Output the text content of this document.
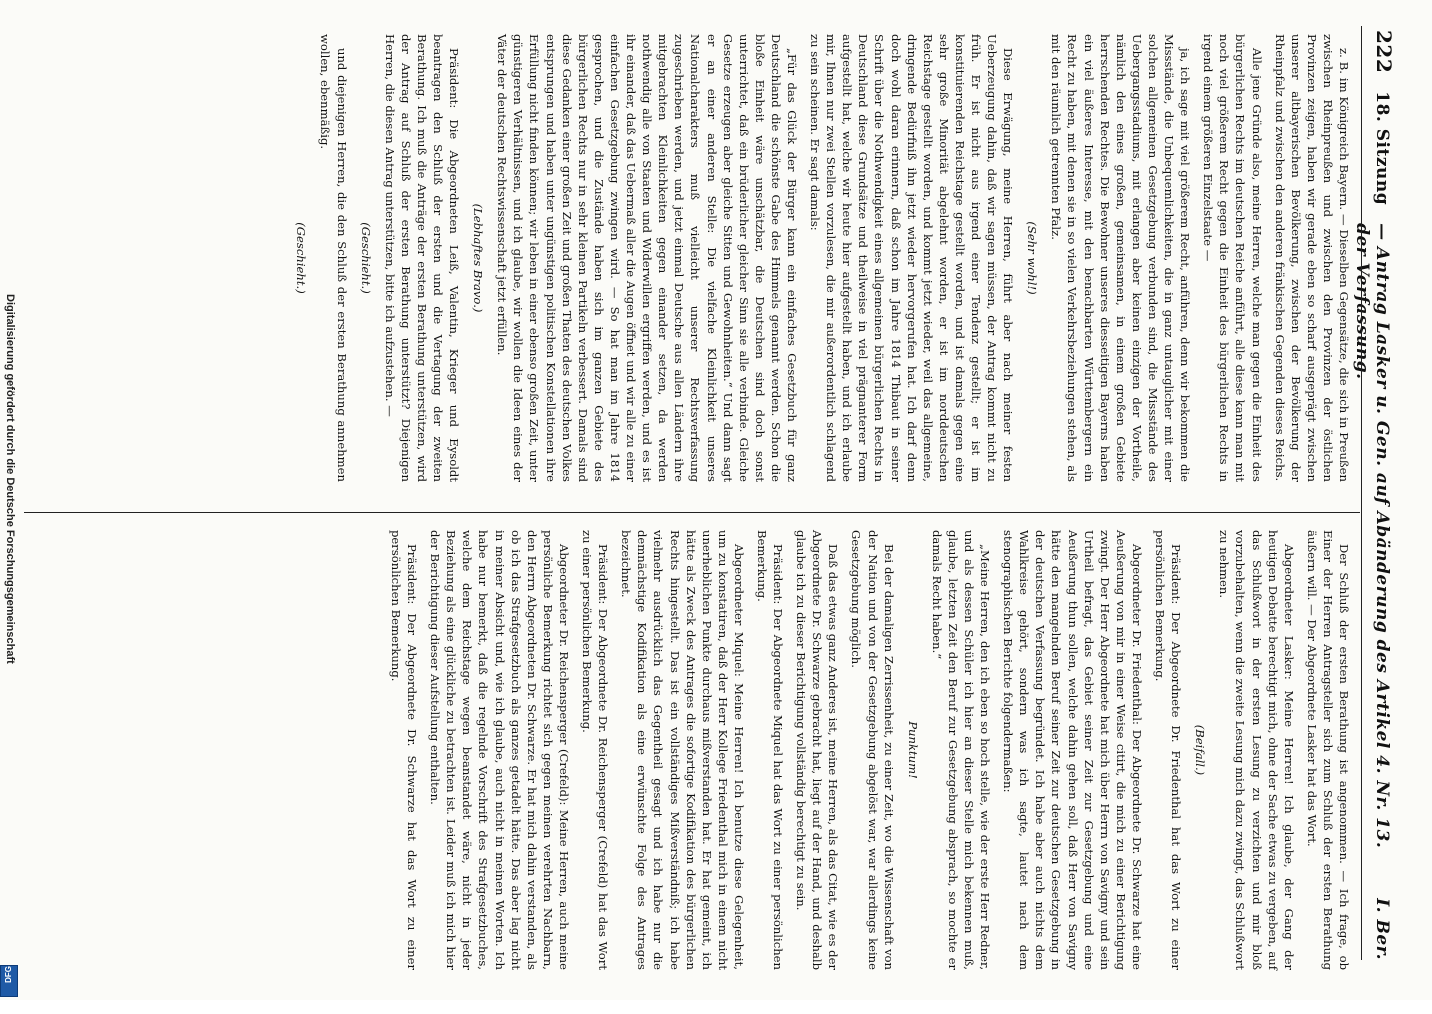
222
18. Sitzung
— Antrag Lasker u. Gen. auf Abänderung des Artikel 4. Nr. 13. der Verfassung.
I. Ber.

z. B. im Königreich Bayern. — Dieselben Gegensätze, die sich in Preußen zwischen Rheinpreußen und zwischen den Provinzen der östlichen Provinzen zeigen, haben wir gerade eben so scharf ausgeprägt zwischen unserer altbayerischen Bevölkerung, zwischen der Bevölkerung der Rheinpfalz und zwischen den anderen fränkischen Gegenden dieses Reichs.

Alle jene Gründe also, meine Herren, welche man gegen die Einheit des bürgerlichen Rechts im deutschen Reiche anführt, alle diese kann man mit noch viel größerem Recht gegen die Einheit des bürgerlichen Rechts in irgend einem größeren Einzelstaate —

ja, ich sage mit viel größerem Recht, anführen, denn wir bekommen die Missstände, die Unbequemlichkeiten, die in ganz untauglicher mit einer solchen allgemeinen Gesetzgebung verbunden sind, die Missstände des Uebergangsstadiums, mit erlangen aber keinen einzigen der Vortheile, nämlich den eines großen, gemeinsamen, in einem großen Gebiete herrschenden Rechtes. Die Bewohner unseres diesseitigen Bayerns haben ein viel äußeres Interesse, mit den benachbarten Württembergern ein Recht zu haben, mit denen sie in so vielen Verkehrsbeziehungen stehen, als mit den räumlich getrennten Pfalz.

(Sehr wohl!)

Diese Erwägung, meine Herren, führt aber nach meiner festen Ueberzeugung dahin, daß wir sagen müssen, der Antrag kommt nicht zu früh. Er ist nicht aus irgend einer Tendenz gestellt; er ist im konstituierenden Reichstage gestellt worden, und ist damals gegen eine sehr große Minorität abgelehnt worden, er ist im norddeutschen Reichstage gestellt worden, und kommt jetzt wieder, weil das allgemeine, dringende Bedürfniß ihn jetzt wieder hervorgerufen hat. Ich darf denn doch wohl daran erinnern, daß schon im Jahre 1814 Thibaut in seiner Schrift über die Nothwendigkeit eines allgemeinen bürgerlichen Rechts in Deutschland diese Grundsätze und theilweise in viel prägnanterer Form aufgestellt hat, welche wir heute hier aufgestellt haben, und ich erlaube mir, Ihnen nur zwei Stellen vorzulesen, die mir außerordentlich schlagend zu sein scheinen. Er sagt damals:

„Für das Glück der Bürger kann ein einfaches Gesetzbuch für ganz Deutschland die schönste Gabe des Himmels genannt werden. Schon die bloße Einheit wäre unschätzbar, die Deutschen sind doch sonst unterrichtet, daß ein brüderlicher gleicher Sinn sie alle verbinde. Gleiche Gesetze erzeugen aber gleiche Sitten und Gewohnheiten.“ Und dann sagt er an einer anderen Stelle: Die vielfache Kleinlichkeit unseres Nationalcharakters muß vielleicht unserer Rechtsverfassung zugeschrieben werden, und jetzt einmal Deutsche aus allen Ländern ihre mitgebrachten Kleinlichkeiten gegen einander setzen, da werden nothwendig alle von Staaten und Widerwillen ergriffen werden, und es ist ihr einander, daß das Uebermaß aller die Augen öffnet und wir alle zu einer einfachen Gesetzgebung zwingen wird. — So hat man im Jahre 1814 gesprochen, und die Zustände haben sich im ganzen Gebiete des bürgerlichen Rechts nur in sehr kleinen Partikeln verbessert. Damals sind diese Gedanken einer großen Zeit und großen Thaten des deutschen Volkes entsprungen und haben unter ungünstigen politischen Konstellationen ihre Erfüllung nicht finden können; wir leben in einer ebenso großen Zeit, unter günstigeren Verhältnissen, und ich glaube, wir wollen die Ideen eines der Väter der deutschen Rechtswissenschaft jetzt erfüllen.

(Lebhaftes Bravo.)

Präsident: Die Abgeordneten Leiß, Valentin, Krieger und Eysoldt beantragen den Schluß der ersten und die Vertagung der zweiten Berathung. Ich muß die Anträge der ersten Berathung unterstützen, wird der Antrag auf Schluß der ersten Berathung unterstützt? Diejenigen Herren, die diesen Antrag unterstützen, bitte ich aufzustehen. —

(Geschieht.)

und diejenigen Herren, die den Schluß der ersten Berathung annehmen wollen, ebenmäßig.

(Geschieht.)

Der Schluß der ersten Berathung ist angenommen. — Ich frage, ob Einer der Herren Antragsteller sich zum Schluß der ersten Berathung äußern will. — Der Abgeordnete Lasker hat das Wort.

Abgeordneter Lasker: Meine Herren! Ich glaube, der Gang der heutigen Debatte berechtigt mich, ohne der Sache etwas zu vergeben, auf das Schlußwort in der ersten Lesung zu verzichten und mir bloß vorzubehalten, wenn die zweite Lesung mich dazu zwingt, das Schlußwort zu nehmen.

(Beifall.)

Präsident: Der Abgeordnete Dr. Friedenthal hat das Wort zu einer persönlichen Bemerkung.

Abgeordneter Dr. Friedenthal: Der Abgeordnete Dr. Schwarze hat eine Aeußerung von mir in einer Weise citirt, die mich zu einer Berichtigung zwingt. Der Herr Abgeordnete hat mich über Herrn von Savigny und sein Urtheil befragt, das Gebiet seiner Zeit zur Gesetzgebung und eine Aeußerung thun sollen, welche dahin gehen soll, daß Herr von Savigny hätte den mangelnden Beruf seiner Zeit zur deutschen Gesetzgebung in der deutschen Verfassung begründet. Ich habe aber auch nichts dem Wahlkreise gehört, sondern was ich sagte, lautet nach dem stenographischen Berichte folgendermaßen:

„Meine Herren, den ich eben so hoch stelle, wie der erste Herr Redner, und als dessen Schüler ich hier an dieser Stelle mich bekennen muß, glaube, letzten Zeit den Beruf zur Gesetzgebung absprach, so mochte er damals Recht haben.“

Punktum!

Bei der damaligen Zerrissenheit, zu einer Zeit, wo die Wissenschaft von der Nation und von der Gesetzgebung abgelöst war, war allerdings keine Gesetzgebung möglich.

Daß das etwas ganz Anderes ist, meine Herren, als das Citat, wie es der Abgeordnete Dr. Schwarze gebracht hat, liegt auf der Hand, und deshalb glaube ich zu dieser Berichtigung vollständig berechtigt zu sein.

Präsident: Der Abgeordnete Miquel hat das Wort zu einer persönlichen Bemerkung.

Abgeordneter Miquel: Meine Herren! Ich benutze diese Gelegenheit, um zu konstatiren, daß der Herr Kollege Friedenthal mich in einem nicht unerheblichen Punkte durchaus mißverstanden hat. Er hat gemeint, ich hätte als Zweck des Antrages die sofortige Kodifikation des bürgerlichen Rechts hingestellt. Das ist ein vollständiges Mißverständniß; ich habe vielmehr ausdrücklich das Gegentheil gesagt und ich habe nur die demnächstige Kodifikation als eine erwünschte Folge des Antrages bezeichnet.

Präsident: Der Abgeordnete Dr. Reichensperger (Crefeld) hat das Wort zu einer persönlichen Bemerkung.

Abgeordneter Dr. Reichensperger (Crefeld): Meine Herren, auch meine persönliche Bemerkung richtet sich gegen meinen verehrten Nachbarn, den Herrn Abgeordneten Dr. Schwarze. Er hat mich dahin verstanden, als ob ich das Strafgesetzbuch als ganzes getadelt hätte. Das aber lag nicht in meiner Absicht und, wie ich glaube, auch nicht in meinen Worten. Ich habe nur bemerkt, daß die regelnde Vorschrift des Strafgesetzbuches, welche dem Reichstage wegen beanstandet wäre, nicht in jeder Beziehung als eine glückliche zu betrachten ist. Leider muß ich mich hier der Berichtigung dieser Aufstellung enthalten.

Präsident: Der Abgeordnete Dr. Schwarze hat das Wort zu einer persönlichen Bemerkung.

Digitalisierung gefördert durch die Deutsche Forschungsgemeinschaft
DFG
